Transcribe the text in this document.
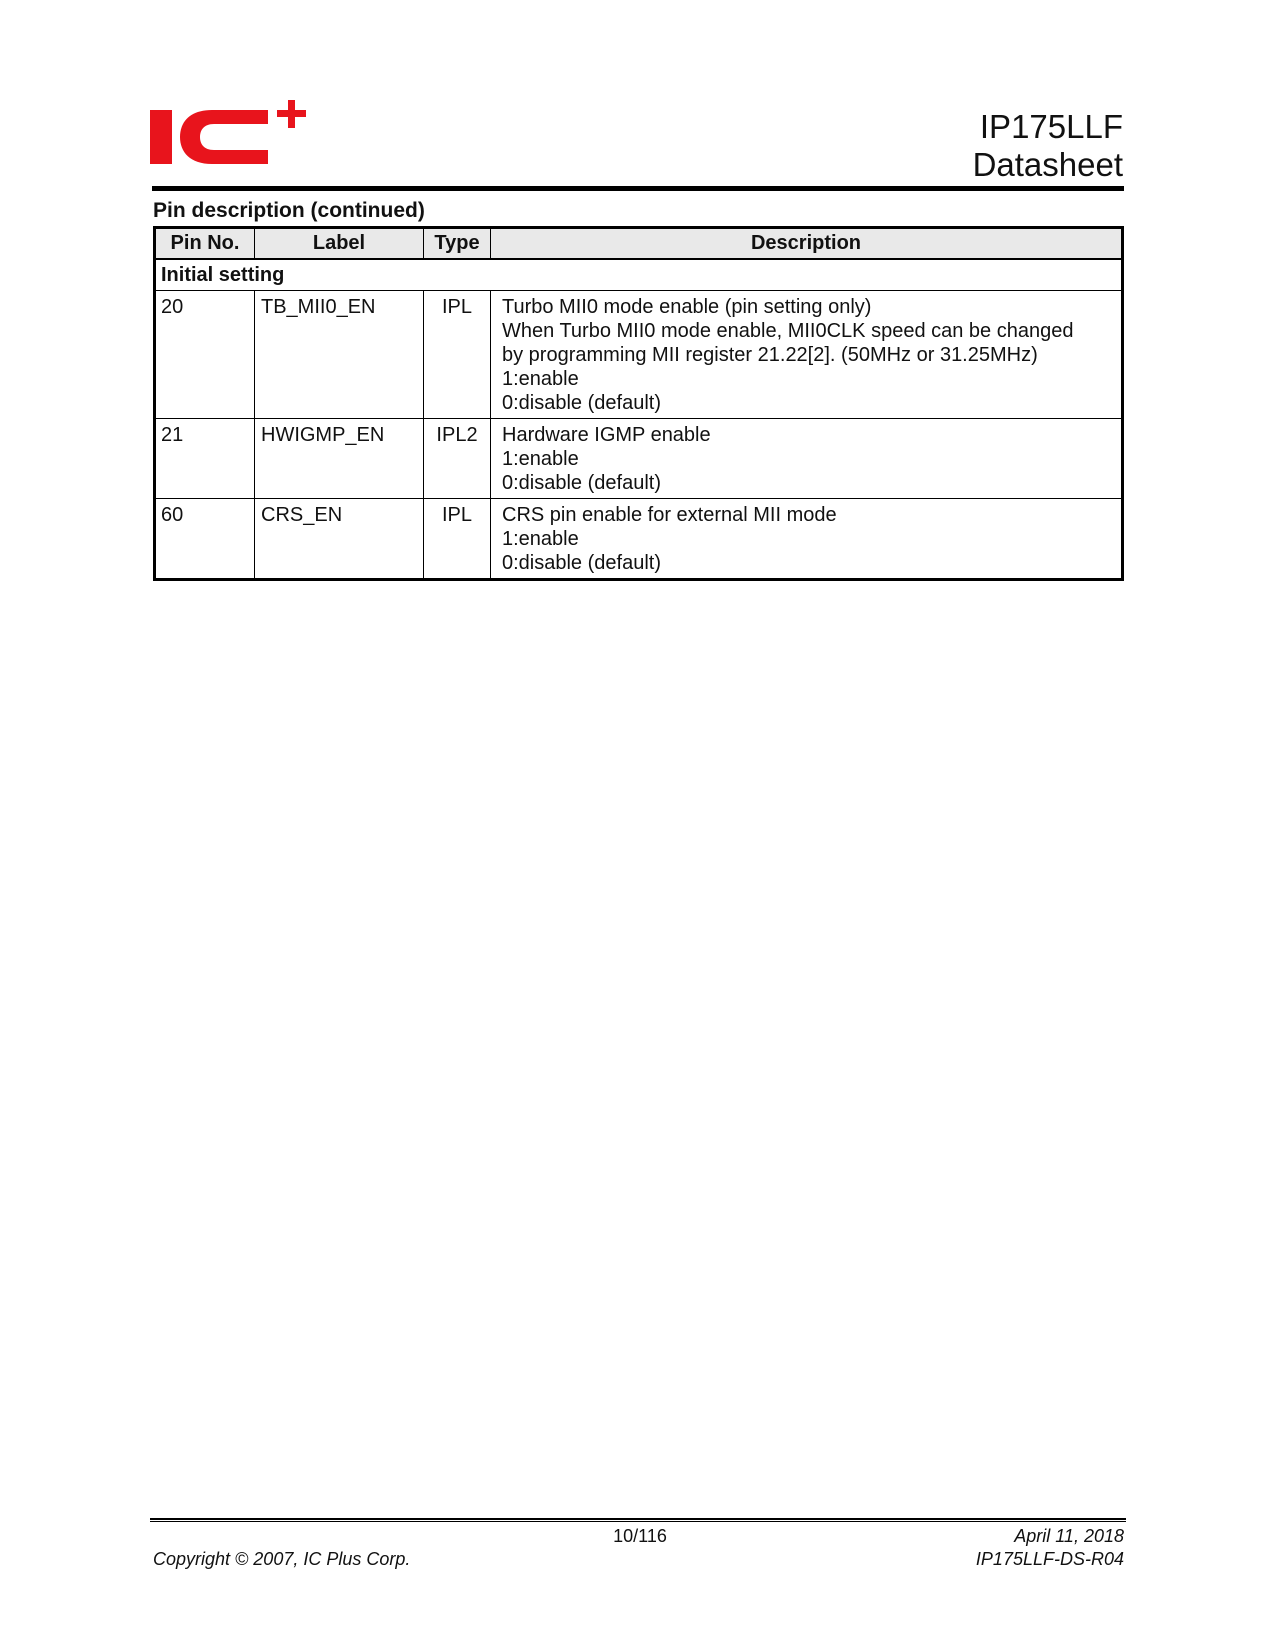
IP175LLF
Datasheet
Pin description (continued)
Pin No.	Label	Type	Description
Initial setting			
20	TB_MII0_EN	IPL	Turbo MII0 mode enable (pin setting only)
When Turbo MII0 mode enable, MII0CLK speed can be changed
by programming MII register 21.22[2]. (50MHz or 31.25MHz)
1:enable
0:disable (default)

21	HWIGMP_EN	IPL2	Hardware IGMP enable
1:enable
0:disable (default)

60	CRS_EN	IPL	CRS pin enable for external MII mode
1:enable
0:disable (default)
10/116	April 11, 2018
Copyright © 2007, IC Plus Corp.	IP175LLF-DS-R04
